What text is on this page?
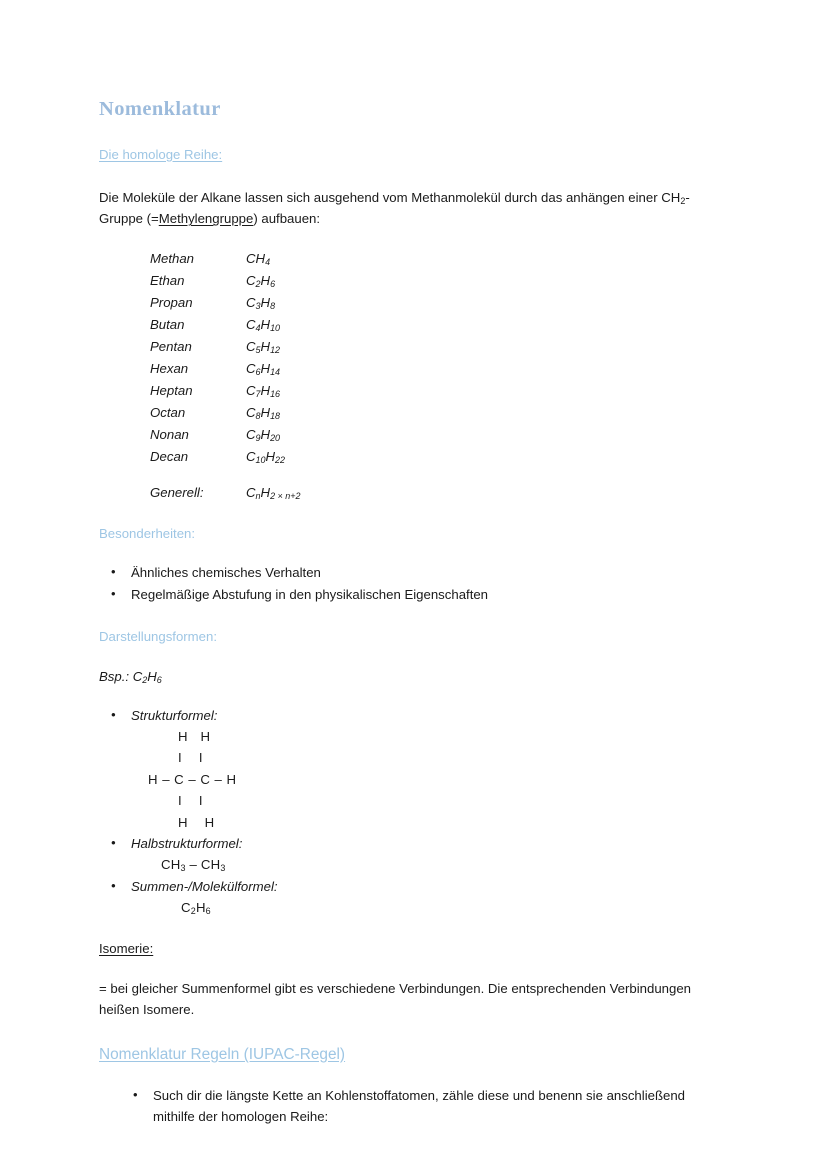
Nomenklatur
Die homologe Reihe:

Die Moleküle der Alkane lassen sich ausgehend vom Methanmolekül durch das anhängen einer $CH_2$-Gruppe (=Methylengruppe) aufbauen:

Methan	$CH_4$
Ethan	$C_2H_6$
Propan	$C_3H_8$
Butan	$C_4H_{10}$
Pentan	$C_5H_{12}$
Hexan	$C_6H_{14}$
Heptan	$C_7H_{16}$
Octan	$C_8H_{18}$
Nonan	$C_9H_{20}$
Decan	$C_{10}H_{22}$
Generell:	$C_nH_{2 \times n+2}$
Besonderheiten:
• Ähnliches chemisches Verhalten
• Regelmäßige Abstufung in den physikalischen Eigenschaften
Darstellungsformen:

Bsp.: $C_2H_6$

• Strukturformel:
H   H
I    I
H – C – C – H
I    I
H    H
• Halbstrukturformel:
$CH_3 - CH_3$
• Summen-/Molekülformel:
$C_2H_6$
Isomerie:

= bei gleicher Summenformel gibt es verschiedene Verbindungen. Die entsprechenden Verbindungen heißen Isomere.

Nomenklatur Regeln (IUPAC-Regel)
• Such dir die längste Kette an Kohlenstoffatomen, zähle diese und benenn sie anschließend mithilfe der homologen Reihe:
